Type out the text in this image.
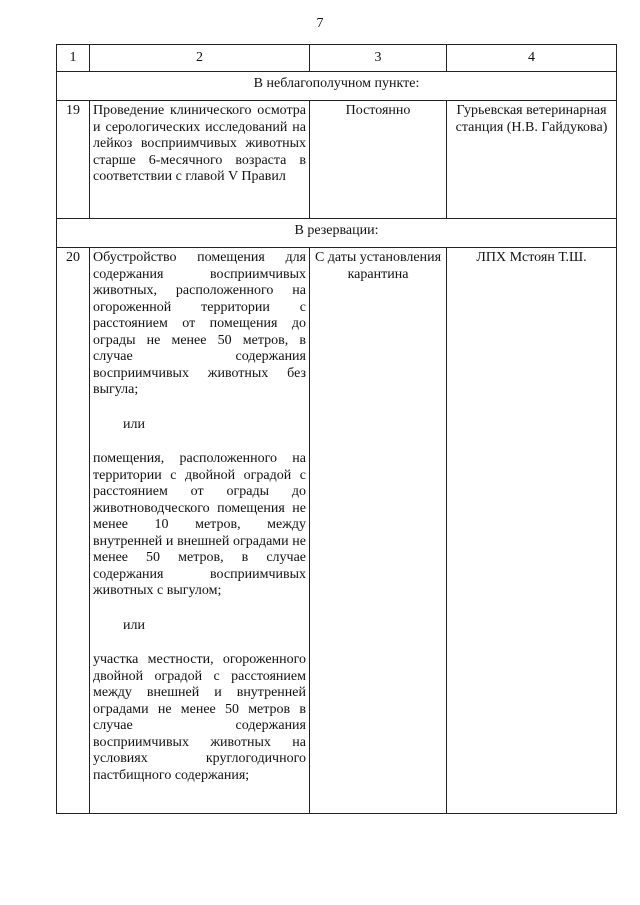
7
1	2	3	4
В неблагополучном пункте:			
19	Проведение клинического осмотра и серологических исследований на лейкоз восприимчивых животных старше 6-месячного возраста в соответствии с главой V Правил	Постоянно	Гурьевская ветеринарная станция (Н.В. Гайдукова)
В резервации:			
20	Обустройство помещения для содержания восприимчивых животных, расположенного на огороженной территории с расстоянием от помещения до ограды не менее 50 метров, в случае содержания восприимчивых животных без выгула;
или
помещения, расположенного на территории с двойной оградой с расстоянием от ограды до животноводческого помещения не менее 10 метров, между внутренней и внешней оградами не менее 50 метров, в случае содержания восприимчивых животных с выгулом;
или
участка местности, огороженного двойной оградой с расстоянием между внешней и внутренней оградами не менее 50 метров в случае содержания восприимчивых животных на условиях круглогодичного пастбищного содержания;	С даты установления карантина	ЛПХ Мстоян Т.Ш.
